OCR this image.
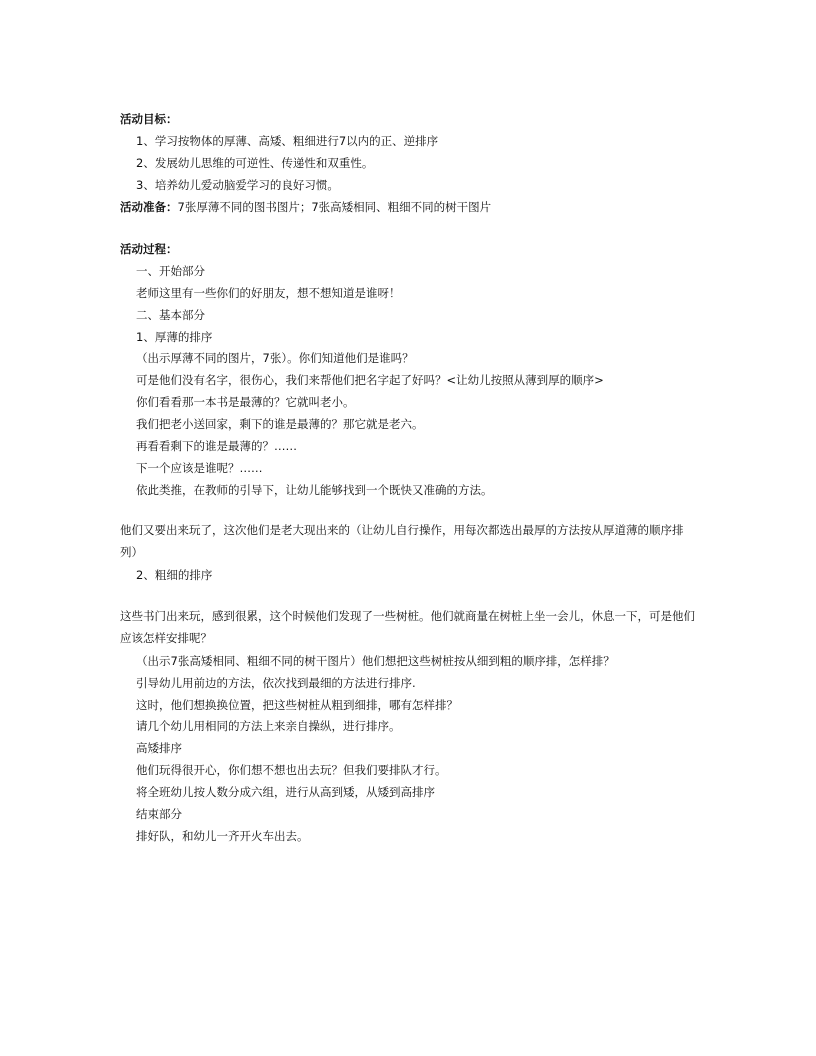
活动目标：
1、学习按物体的厚薄、高矮、粗细进行7以内的正、逆排序
2、发展幼儿思维的可逆性、传递性和双重性。
3、培养幼儿爱动脑爱学习的良好习惯。
活动准备：7张厚薄不同的图书图片；7张高矮相同、粗细不同的树干图片
活动过程：
一、开始部分
老师这里有一些你们的好朋友，想不想知道是谁呀！
二、基本部分
1、厚薄的排序
（出示厚薄不同的图片，7张）。你们知道他们是谁吗？
可是他们没有名字，很伤心，我们来帮他们把名字起了好吗？<让幼儿按照从薄到厚的顺序>
你们看看那一本书是最薄的？它就叫老小。
我们把老小送回家，剩下的谁是最薄的？那它就是老六。
再看看剩下的谁是最薄的？……
下一个应该是谁呢？……
依此类推，在教师的引导下，让幼儿能够找到一个既快又准确的方法。
他们又要出来玩了，这次他们是老大现出来的（让幼儿自行操作，用每次都选出最厚的方法按从厚道薄的顺序排列）
2、粗细的排序
这些书门出来玩，感到很累，这个时候他们发现了一些树桩。他们就商量在树桩上坐一会儿，休息一下，可是他们应该怎样安排呢？
（出示7张高矮相同、粗细不同的树干图片）他们想把这些树桩按从细到粗的顺序排，怎样排？
引导幼儿用前边的方法，依次找到最细的方法进行排序.
这时，他们想换换位置，把这些树桩从粗到细排，哪有怎样排？
请几个幼儿用相同的方法上来亲自操纵，进行排序。
高矮排序
他们玩得很开心，你们想不想也出去玩？但我们要排队才行。
将全班幼儿按人数分成六组，进行从高到矮，从矮到高排序
结束部分
排好队，和幼儿一齐开火车出去。
